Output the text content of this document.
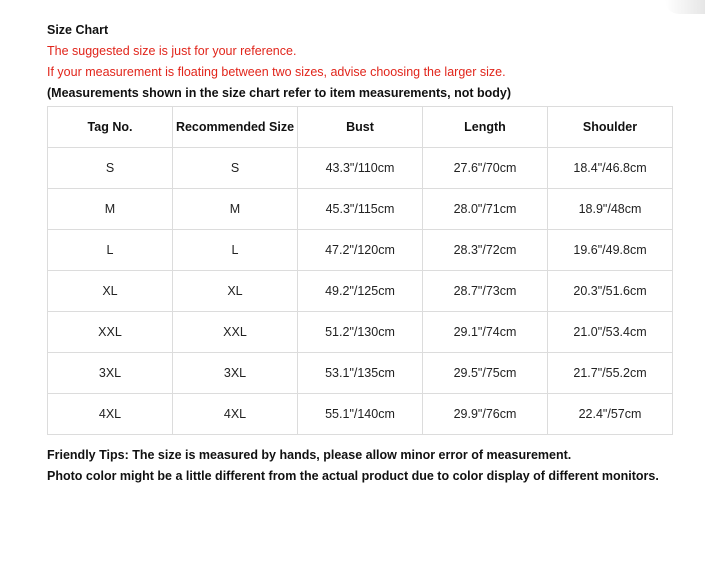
Size Chart
The suggested size is just for your reference.
If your measurement is floating between two sizes, advise choosing the larger size.
(Measurements shown in the size chart refer to item measurements, not body)
Tag No.	Recommended Size	Bust	Length	Shoulder
S	S	43.3"/110cm	27.6"/70cm	18.4"/46.8cm
M	M	45.3"/115cm	28.0"/71cm	18.9"/48cm
L	L	47.2"/120cm	28.3"/72cm	19.6"/49.8cm
XL	XL	49.2"/125cm	28.7"/73cm	20.3"/51.6cm
XXL	XXL	51.2"/130cm	29.1"/74cm	21.0"/53.4cm
3XL	3XL	53.1"/135cm	29.5"/75cm	21.7"/55.2cm
4XL	4XL	55.1"/140cm	29.9"/76cm	22.4"/57cm
Friendly Tips: The size is measured by hands, please allow minor error of measurement.
Photo color might be a little different from the actual product due to color display of different monitors.
